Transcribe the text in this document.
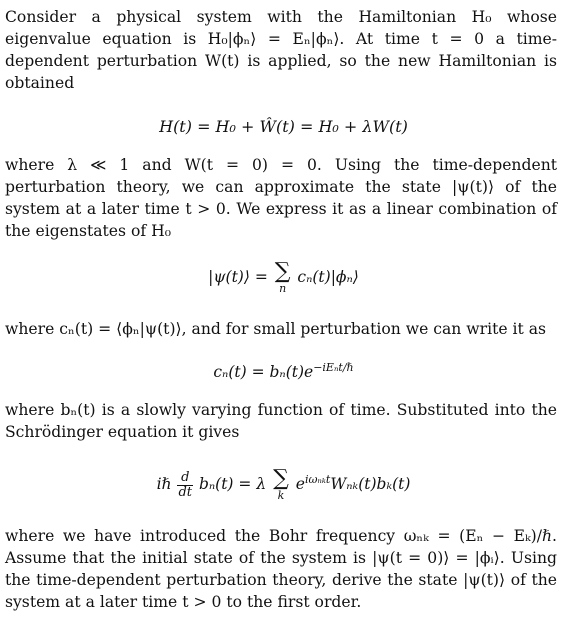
Consider a physical system with the Hamiltonian H₀ whose eigenvalue equation is H₀|ϕₙ⟩ = Eₙ|ϕₙ⟩. At time t = 0 a time-dependent perturbation W(t) is applied, so the new Hamiltonian is obtained

H(t) = H₀ + Ŵ(t) = H₀ + λW(t)

where λ ≪ 1 and W(t = 0) = 0. Using the time-dependent perturbation theory, we can approximate the state |ψ(t)⟩ of the system at a later time t > 0. We express it as a linear combination of the eigenstates of H₀

|ψ(t)⟩ = ∑
n
cₙ(t)|ϕₙ⟩

where cₙ(t) = ⟨ϕₙ|ψ(t)⟩, and for small perturbation we can write it as

$c_n(t) = b_n(t)e^{-iE_nt/\hbar}$

where bₙ(t) is a slowly varying function of time. Substituted into the Schrödinger equation it gives

iℏ $\frac{d}{dt} b_n(t) = \lambda$ ∑
k
$e^{i\omega_{nk}t}W_{nk}(t)b_k(t)$

where we have introduced the Bohr frequency ωₙₖ = (Eₙ − Eₖ)/ℏ. Assume that the initial state of the system is |ψ(t = 0)⟩ = |ϕᵢ⟩. Using the time-dependent perturbation theory, derive the state |ψ(t)⟩ of the system at a later time t > 0 to the first order.
